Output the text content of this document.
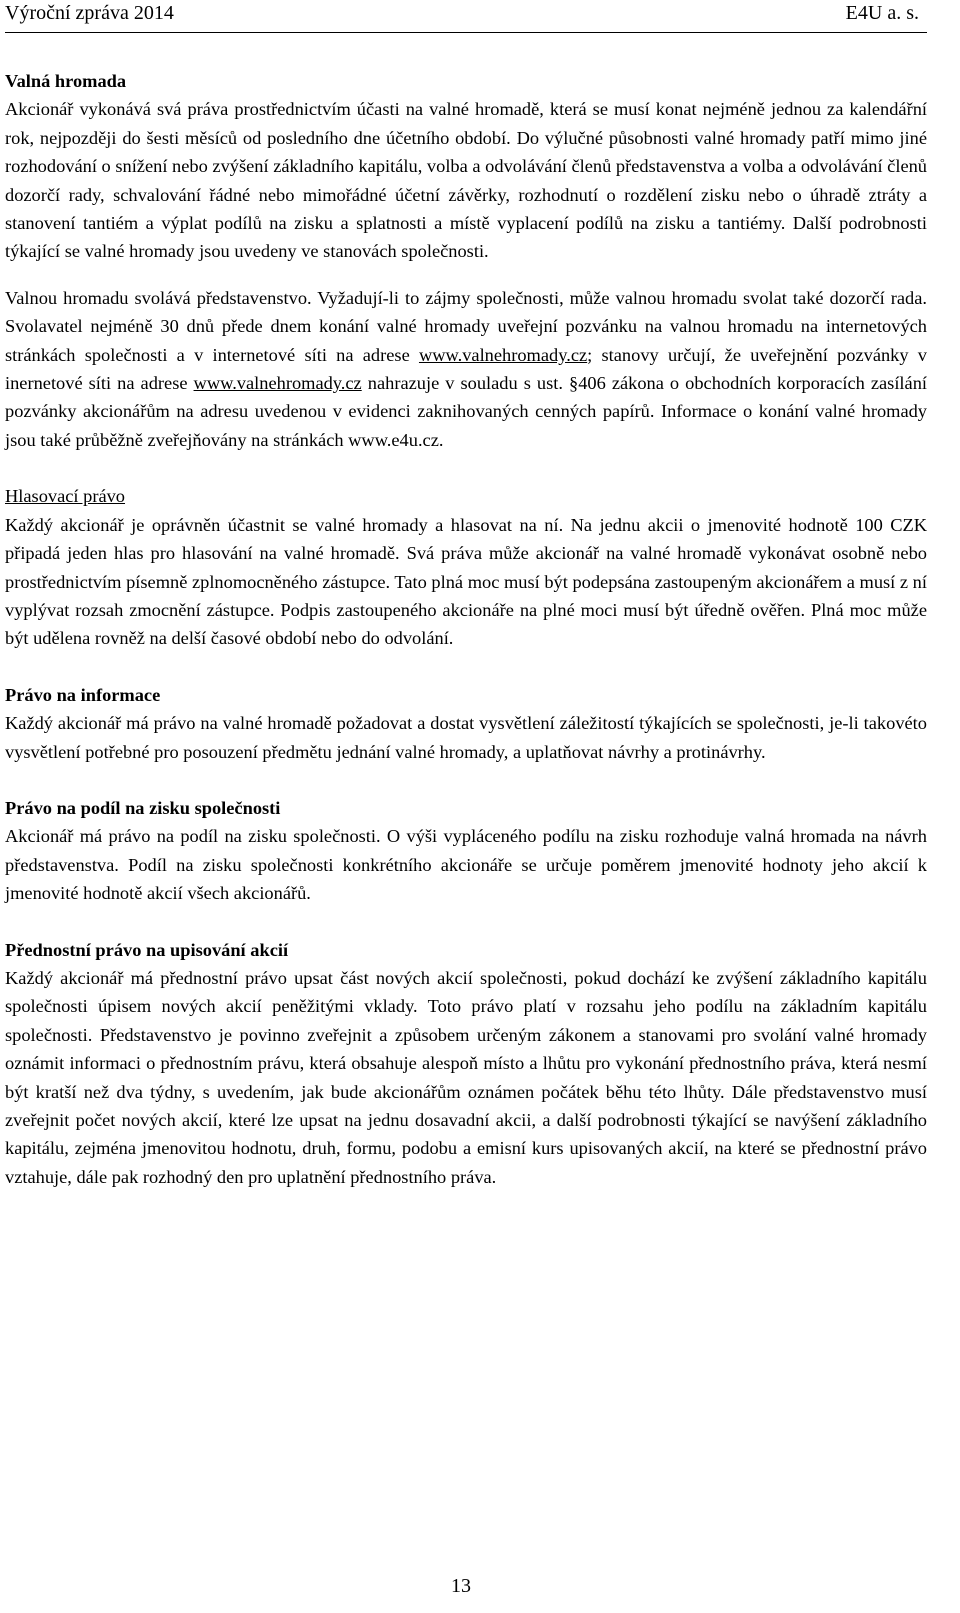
Výroční zpráva 2014	E4U a. s.

Valná hromada

Akcionář vykonává svá práva prostřednictvím účasti na valné hromadě, která se musí konat nejméně jednou za kalendářní rok, nejpozději do šesti měsíců od posledního dne účetního období. Do výlučné působnosti valné hromady patří mimo jiné rozhodování o snížení nebo zvýšení základního kapitálu, volba a odvolávání členů představenstva a volba a odvolávání členů dozorčí rady, schvalování řádné nebo mimořádné účetní závěrky, rozhodnutí o rozdělení zisku nebo o úhradě ztráty a stanovení tantiém a výplat podílů na zisku a splatnosti a místě vyplacení podílů na zisku a tantiémy. Další podrobnosti týkající se valné hromady jsou uvedeny ve stanovách společnosti.

Valnou hromadu svolává představenstvo. Vyžadují-li to zájmy společnosti, může valnou hromadu svolat také dozorčí rada. Svolavatel nejméně 30 dnů přede dnem konání valné hromady uveřejní pozvánku na valnou hromadu na internetových stránkách společnosti a v internetové síti na adrese www.valnehromady.cz; stanovy určují, že uveřejnění pozvánky v inernetové síti na adrese www.valnehromady.cz nahrazuje v souladu s ust. §406 zákona o obchodních korporacích zasílání pozvánky akcionářům na adresu uvedenou v evidenci zaknihovaných cenných papírů. Informace o konání valné hromady jsou také průběžně zveřejňovány na stránkách www.e4u.cz.

Hlasovací právo

Každý akcionář je oprávněn účastnit se valné hromady a hlasovat na ní. Na jednu akcii o jmenovité hodnotě 100 CZK připadá jeden hlas pro hlasování na valné hromadě. Svá práva může akcionář na valné hromadě vykonávat osobně nebo prostřednictvím písemně zplnomocněného zástupce. Tato plná moc musí být podepsána zastoupeným akcionářem a musí z ní vyplývat rozsah zmocnění zástupce. Podpis zastoupeného akcionáře na plné moci musí být úředně ověřen. Plná moc může být udělena rovněž na delší časové období nebo do odvolání.

Právo na informace

Každý akcionář má právo na valné hromadě požadovat a dostat vysvětlení záležitostí týkajících se společnosti, je-li takovéto vysvětlení potřebné pro posouzení předmětu jednání valné hromady, a uplatňovat návrhy a protinávrhy.

Právo na podíl na zisku společnosti

Akcionář má právo na podíl na zisku společnosti. O výši vypláceného podílu na zisku rozhoduje valná hromada na návrh představenstva. Podíl na zisku společnosti konkrétního akcionáře se určuje poměrem jmenovité hodnoty jeho akcií k jmenovité hodnotě akcií všech akcionářů.

Přednostní právo na upisování akcií

Každý akcionář má přednostní právo upsat část nových akcií společnosti, pokud dochází ke zvýšení základního kapitálu společnosti úpisem nových akcií peněžitými vklady. Toto právo platí v rozsahu jeho podílu na základním kapitálu společnosti. Představenstvo je povinno zveřejnit a způsobem určeným zákonem a stanovami pro svolání valné hromady oznámit informaci o přednostním právu, která obsahuje alespoň místo a lhůtu pro vykonání přednostního práva, která nesmí být kratší než dva týdny, s uvedením, jak bude akcionářům oznámen počátek běhu této lhůty. Dále představenstvo musí zveřejnit počet nových akcií, které lze upsat na jednu dosavadní akcii, a další podrobnosti týkající se navýšení základního kapitálu, zejména jmenovitou hodnotu, druh, formu, podobu a emisní kurs upisovaných akcií, na které se přednostní právo vztahuje, dále pak rozhodný den pro uplatnění přednostního práva.

13
